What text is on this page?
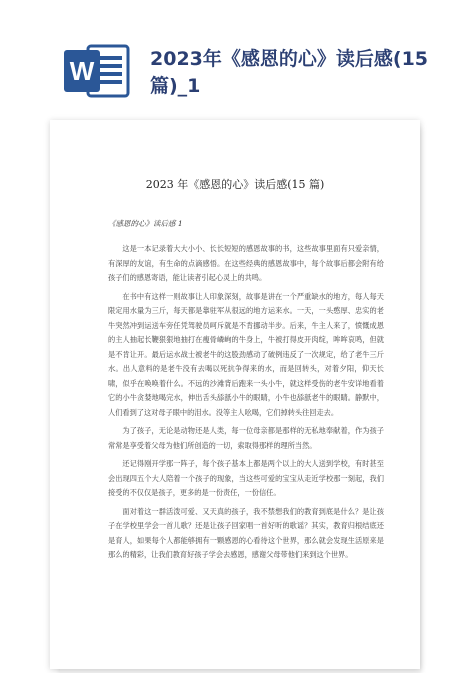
W	2023年《感恩的心》读后感(15篇)_1
2023 年《感恩的心》读后感(15 篇)
《感恩的心》读后感 1

这是一本记录着大大小小、长长短短的感恩故事的书，这些故事里面有只爱亲情，有深厚的友谊，有生命的点滴感悟。在这些经典的感恩故事中，每个故事后都会附有给孩子们的感恩寄语，能让读者引起心灵上的共鸣。

在书中有这样一则故事让人印象深刻，故事是讲在一个严重缺水的地方，每人每天限定用水量为三斤，每天都是靠驻军从很远的地方运来水。一天，一头憨厚、忠实的老牛突然冲到运送车旁任凭驾驶员呵斥就是不肯挪动半步。后来，牛主人来了，愤慨成恩的主人抽起长鞭狠狠地抽打在瘦骨嶙峋的牛身上，牛被打得皮开肉绽，哞哞哀鸣，但就是不肯让开。最后运水战士被老牛的这股劲感动了破例违反了一次规定，给了老牛三斤水。出人意料的是老牛没有去喝以死抗争得来的水，而是回转头，对着夕阳，仰天长啸，似乎在唤唤着什么。不远的沙滩背后跑来一头小牛，就这样受伤的老牛安详地看着它的小牛贪婪地喝完水，伸出舌头舔舐小牛的眼睛，小牛也舔舐老牛的眼睛。静默中，人们看到了这对母子眼中的泪水。没等主人吆喝，它们掉转头往回走去。

为了孩子，无论是动物还是人类，每一位母亲都是那样的无私地奉献着，作为孩子常常是享受着父母为他们所创造的一切，索取得那样的理所当然。

还记得刚开学那一阵子，每个孩子基本上都是两个以上的大人送到学校，有时甚至会出现四五个大人陪着一个孩子的现象，当这些可爱的宝宝从走近学校那一刻起，我们接受的不仅仅是孩子，更多的是一份责任，一份信任。

面对着这一群活泼可爱、又天真的孩子，我不禁想我们的教育到底是什么？是让孩子在学校里学会一首儿歌？还是让孩子回家唱一首好听的歌谣？其实，教育归根结底还是育人，如果每个人都能够拥有一颗感恩的心看待这个世界，那么就会发现生活原来是那么的精彩，让我们教育好孩子学会去感恩，感谢父母带他们来到这个世界。
